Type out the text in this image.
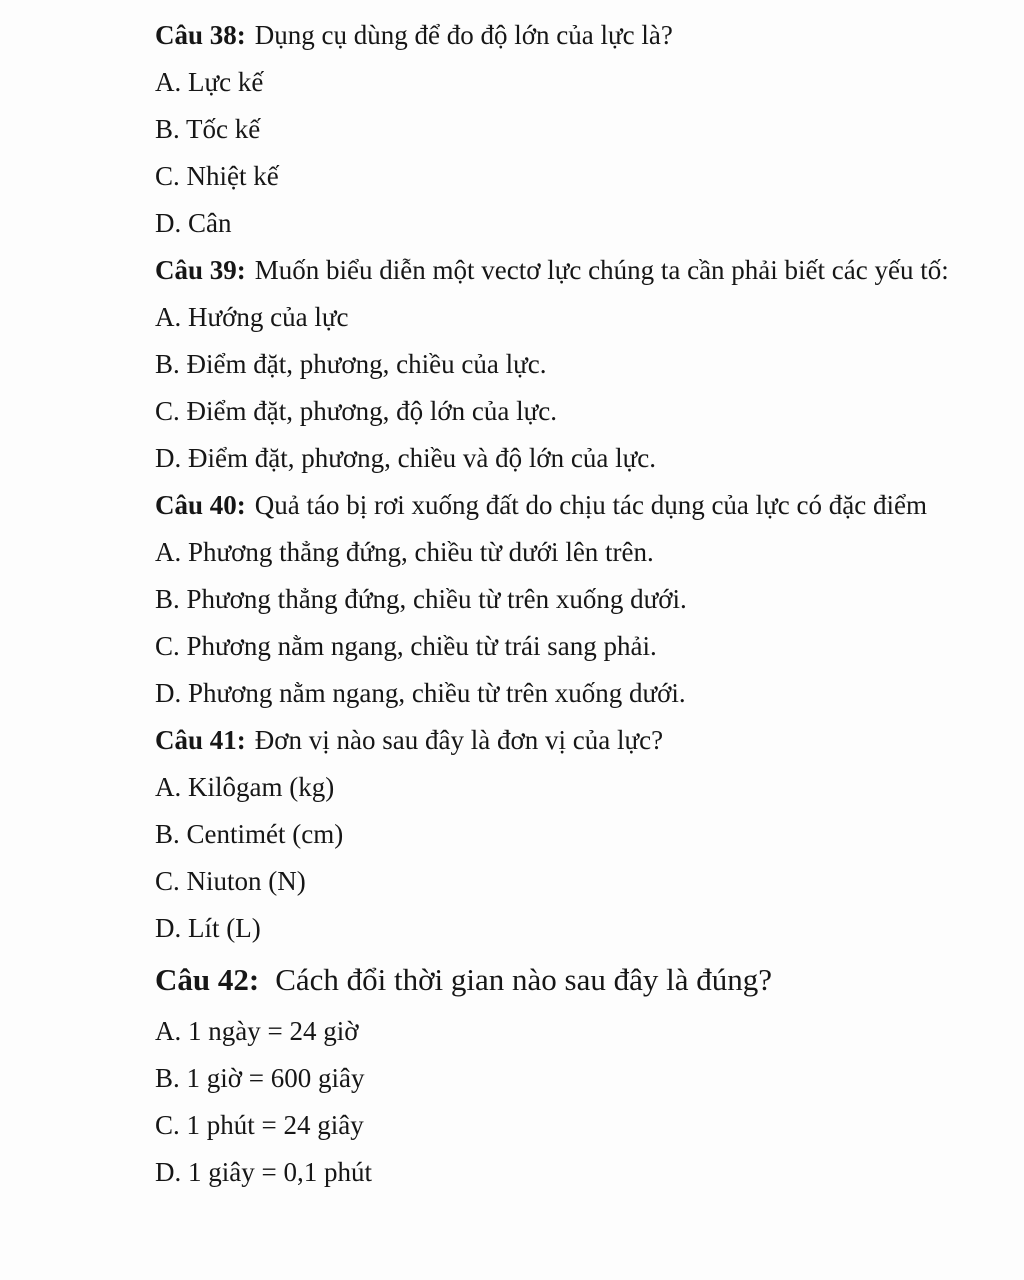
Câu 38: Dụng cụ dùng để đo độ lớn của lực là?

A. Lực kế

B. Tốc kế

C. Nhiệt kế

D. Cân

Câu 39: Muốn biểu diễn một vectơ lực chúng ta cần phải biết các yếu tố:

A. Hướng của lực

B. Điểm đặt, phương, chiều của lực.

C. Điểm đặt, phương, độ lớn của lực.

D. Điểm đặt, phương, chiều và độ lớn của lực.

Câu 40: Quả táo bị rơi xuống đất do chịu tác dụng của lực có đặc điểm

A. Phương thẳng đứng, chiều từ dưới lên trên.

B. Phương thẳng đứng, chiều từ trên xuống dưới.

C. Phương nằm ngang, chiều từ trái sang phải.

D. Phương nằm ngang, chiều từ trên xuống dưới.

Câu 41: Đơn vị nào sau đây là đơn vị của lực?

A. Kilôgam (kg)

B. Centimét (cm)

C. Niuton (N)

D. Lít (L)

Câu 42: Cách đổi thời gian nào sau đây là đúng?

A. 1 ngày = 24 giờ

B. 1 giờ = 600 giây

C. 1 phút = 24 giây

D. 1 giây = 0,1 phút
